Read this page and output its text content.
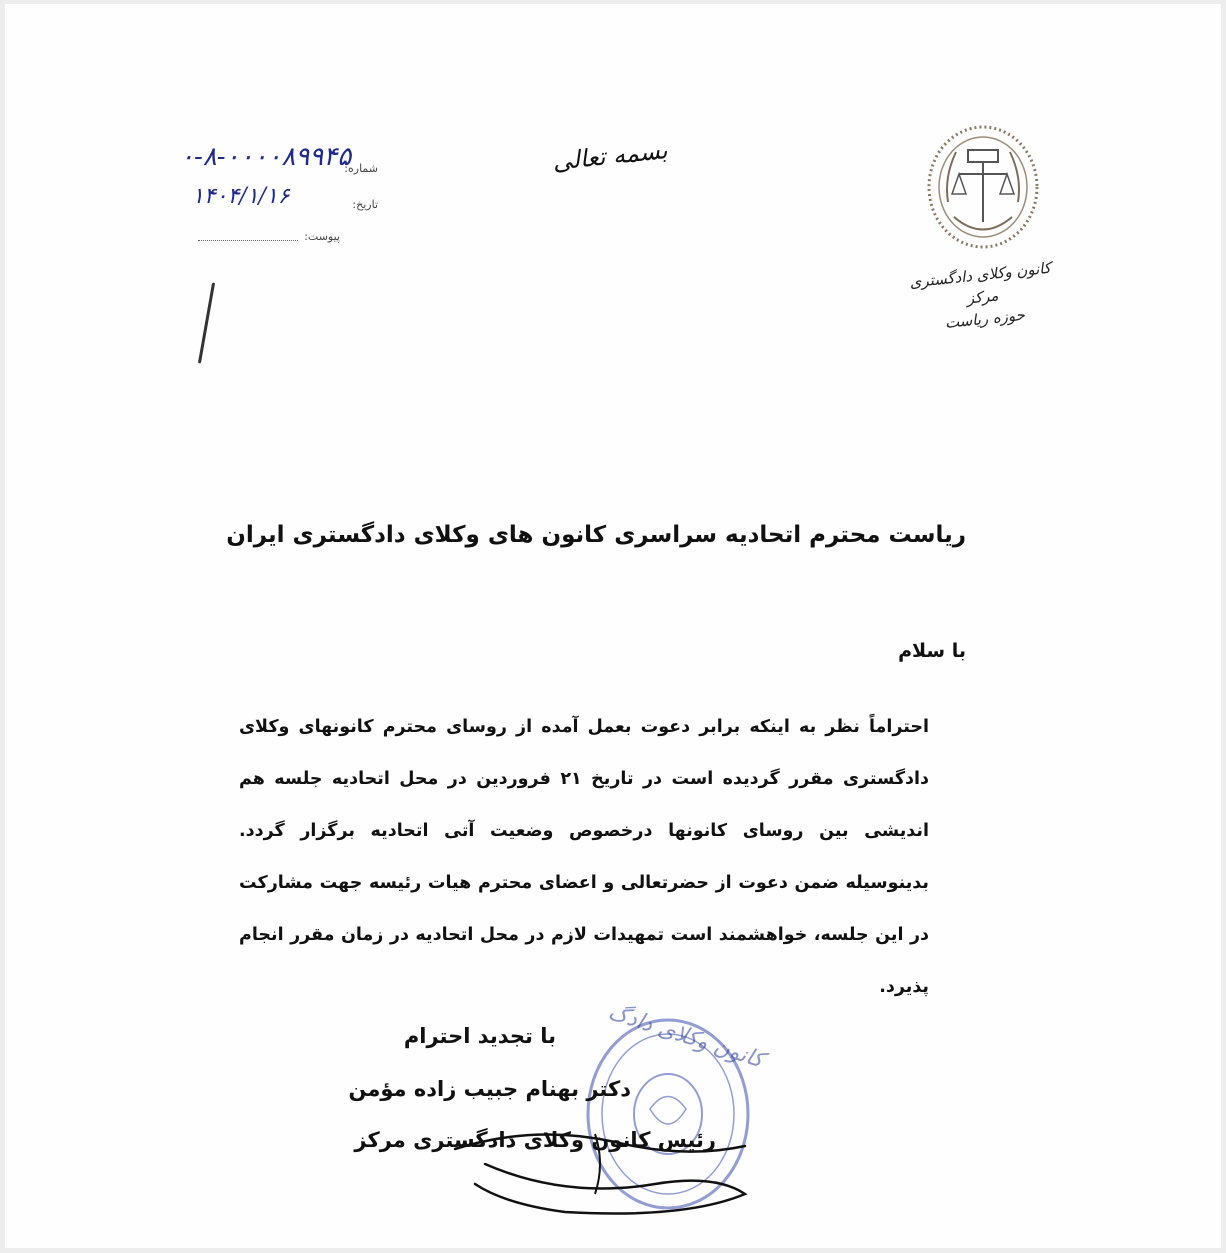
کانون وکلای دادگستری مرکز
حوزه ریاست
بسمه تعالی
۰-۸-۰۰۰۰۸۹۹۴۵
شماره:
۱۴۰۴/۱/۱۶	تاریخ:
پیوست:
ریاست محترم اتحادیه سراسری کانون های وکلای دادگستری ایران
با سلام
احتراماً نظر به اینکه برابر دعوت بعمل آمده از روسای محترم کانونهای وکلای دادگستری مقرر گردیده است در تاریخ ۲۱ فروردین در محل اتحادیه جلسه هم اندیشی بین روسای کانونها درخصوص وضعیت آتی اتحادیه برگزار گردد. بدینوسیله ضمن دعوت از حضرتعالی و اعضای محترم هیات رئیسه جهت مشارکت در این جلسه، خواهشمند است تمهیدات لازم در محل اتحادیه در زمان مقرر انجام پذیرد.
کانون وکلای دادگ
با تجدید احترام
دکتر بهنام جبیب زاده مؤمن
رئیس کانون وکلای دادگستری مرکز
